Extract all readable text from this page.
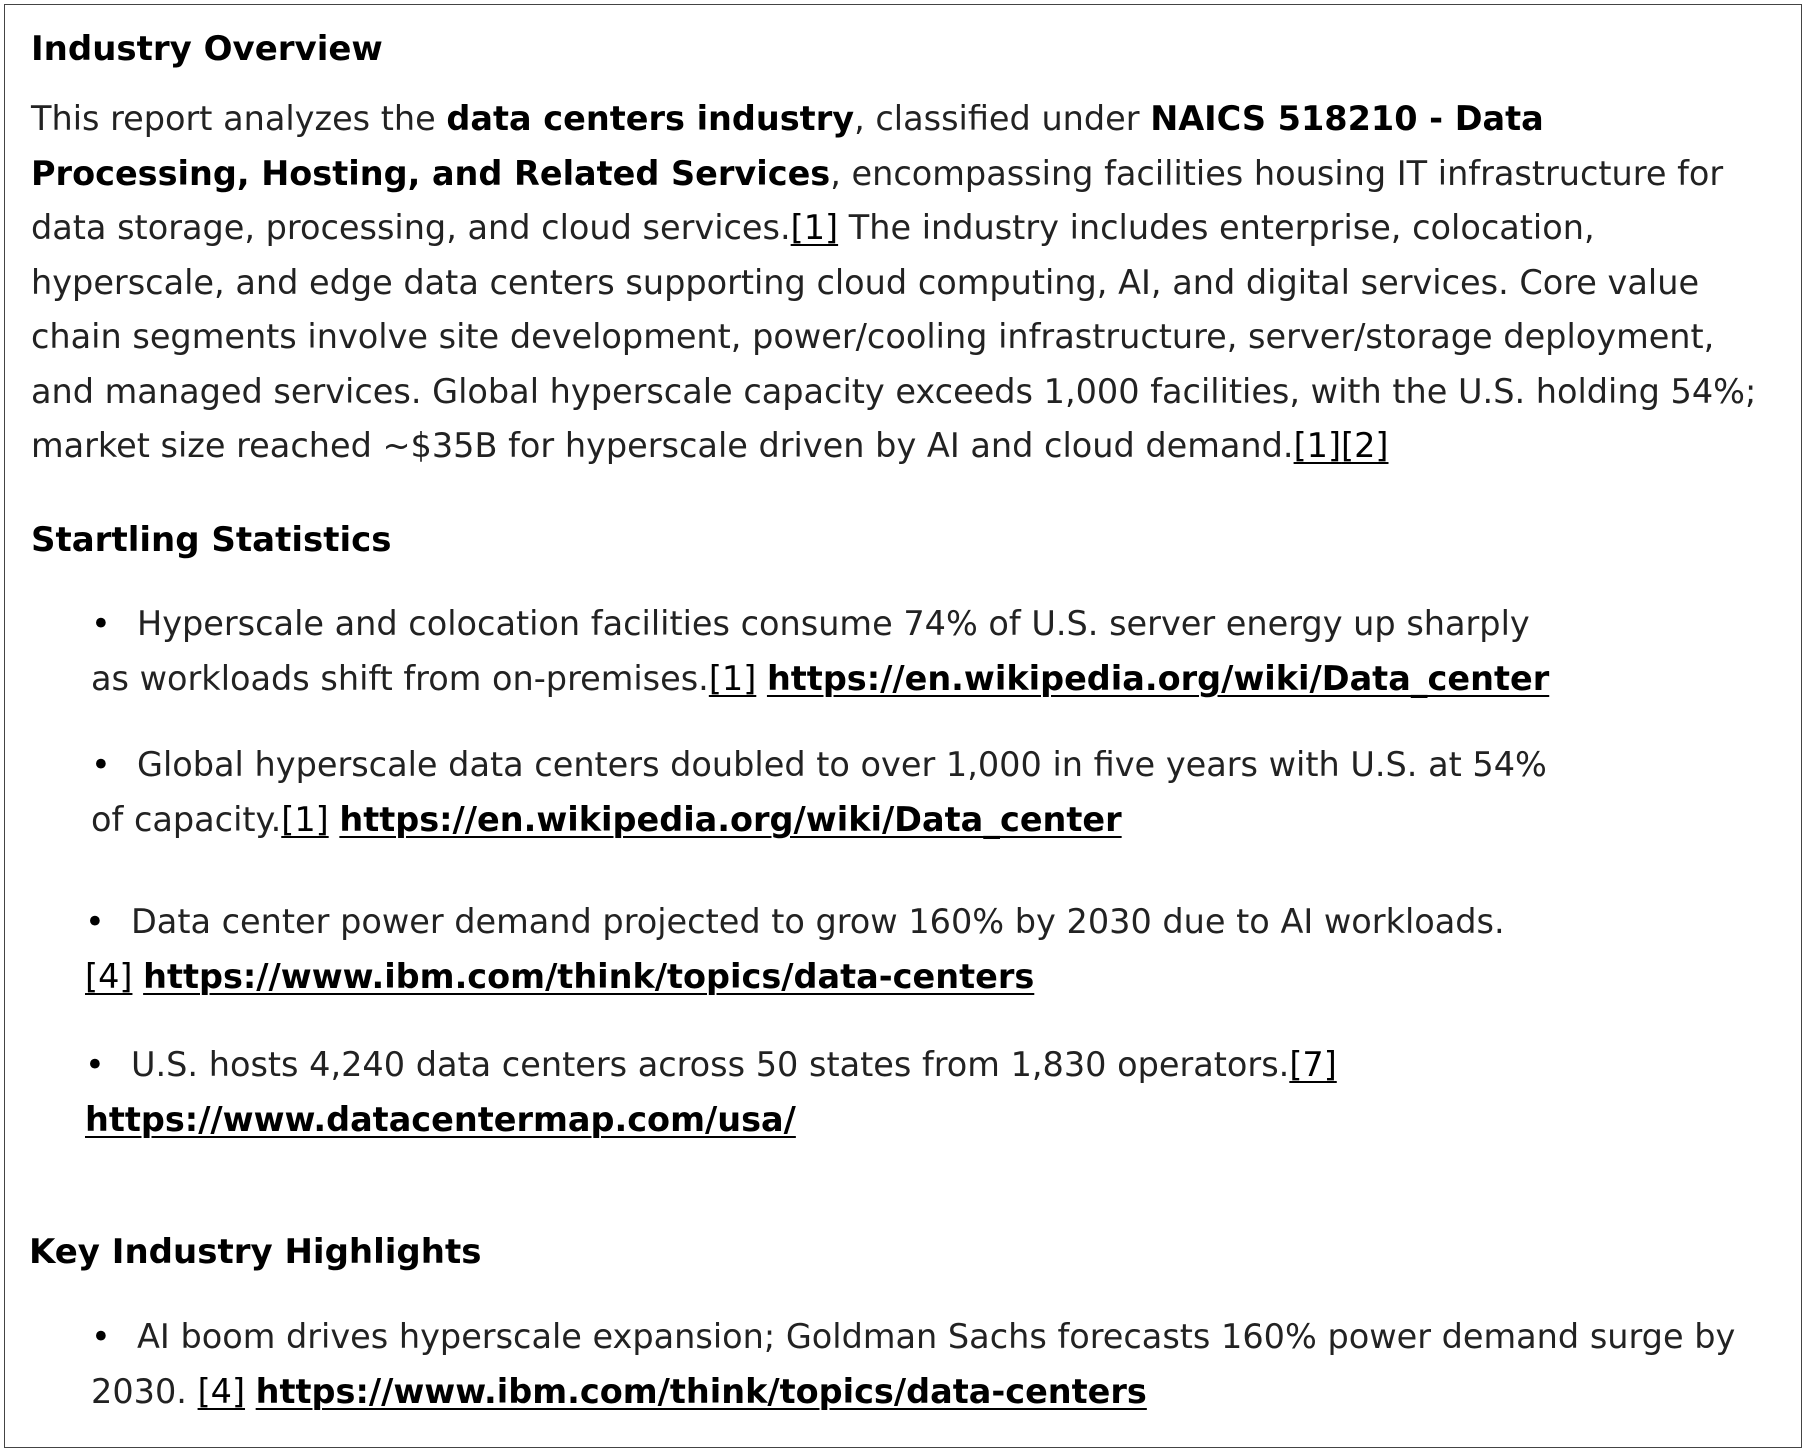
Industry Overview

This report analyzes the data centers industry, classified under NAICS 518210 - Data Processing, Hosting, and Related Services, encompassing facilities housing IT infrastructure for data storage, processing, and cloud services.[1] The industry includes enterprise, colocation, hyperscale, and edge data centers supporting cloud computing, AI, and digital services. Core value chain segments involve site development, power/cooling infrastructure, server/storage deployment, and managed services. Global hyperscale capacity exceeds 1,000 facilities, with the U.S. holding 54%; market size reached ~$35B for hyperscale driven by AI and cloud demand.[1][2]

Startling Statistics

• Hyperscale and colocation facilities consume 74% of U.S. server energy up sharply as workloads shift from on-premises.[1] https://en.wikipedia.org/wiki/Data_center

• Global hyperscale data centers doubled to over 1,000 in five years with U.S. at 54% of capacity.[1] https://en.wikipedia.org/wiki/Data_center

• Data center power demand projected to grow 160% by 2030 due to AI workloads.[4] https://www.ibm.com/think/topics/data-centers

• U.S. hosts 4,240 data centers across 50 states from 1,830 operators.[7] https://www.datacentermap.com/usa/

Key Industry Highlights

• AI boom drives hyperscale expansion; Goldman Sachs forecasts 160% power demand surge by 2030. [4] https://www.ibm.com/think/topics/data-centers
